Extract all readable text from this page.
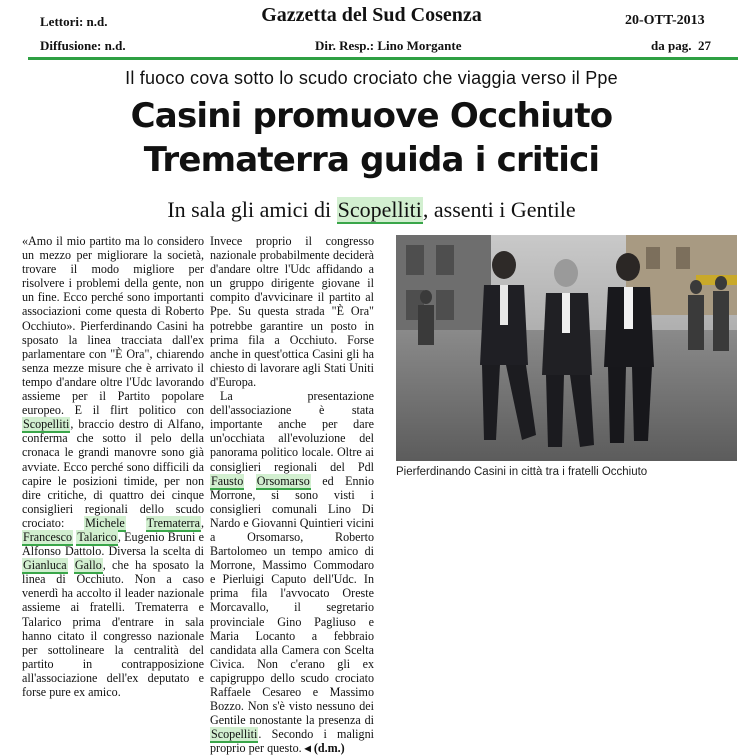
Lettori: n.d.
Diffusione: n.d.
Gazzetta del Sud Cosenza	20-OTT-2013
Dir. Resp.: Lino Morgante	da pag.  27
Il fuoco cova sotto lo scudo crociato che viaggia verso il Ppe
Casini promuove Occhiuto
Trematerra guida i critici
In sala gli amici di Scopelliti, assenti i Gentile

«Amo il mio partito ma lo considero un mezzo per migliorare la società, trovare il modo migliore per risolvere i problemi della gente, non un fine. Ecco perché sono importanti associazioni come questa di Roberto Occhiuto». Pierferdinando Casini ha sposato la linea tracciata dall'ex parlamentare con "È Ora", chiarendo senza mezze misure che è arrivato il tempo d'andare oltre l'Udc lavorando assieme per il Partito popolare europeo. E il flirt politico con Scopelliti, braccio destro di Alfano, conferma che sotto il pelo della cronaca le grandi manovre sono già avviate. Ecco perché sono difficili da capire le posizioni timide, per non dire critiche, di quattro dei cinque consiglieri regionali dello scudo crociato: Michele Trematerra, Francesco Talarico, Eugenio Bruni e Alfonso Dattolo. Diversa la scelta di Gianluca Gallo, che ha sposato la linea di Occhiuto. Non a caso venerdì ha accolto il leader nazionale assieme ai fratelli. Trematerra e Talarico prima d'entrare in sala hanno citato il congresso nazionale per sottolineare la centralità del partito in contrapposizione all'associazione dell'ex deputato e forse pure ex amico.

Invece proprio il congresso nazionale probabilmente deciderà d'andare oltre l'Udc affidando a un gruppo dirigente giovane il compito d'avvicinare il partito al Ppe. Su questa strada "È Ora" potrebbe garantire un posto in prima fila a Occhiuto. Forse anche in quest'ottica Casini gli ha chiesto di lavorare agli Stati Uniti d'Europa.

La presentazione dell'associazione è stata importante anche per dare un'occhiata all'evoluzione del panorama politico locale. Oltre ai consiglieri regionali del Pdl Fausto Orsomarso ed Ennio Morrone, si sono visti i consiglieri comunali Lino Di Nardo e Giovanni Quintieri vicini a Orsomarso, Roberto Bartolomeo un tempo amico di Morrone, Massimo Commodaro e Pierluigi Caputo dell'Udc. In prima fila l'avvocato Oreste Morcavallo, il segretario provinciale Gino Pagliuso e Maria Locanto a febbraio candidata alla Camera con Scelta Civica. Non c'erano gli ex capigruppo dello scudo crociato Raffaele Cesareo e Massimo Bozzo. Non s'è visto nessuno dei Gentile nonostante la presenza di Scopelliti. Secondo i maligni proprio per questo. ◂ (d.m.)

Pierferdinando Casini in città tra i fratelli Occhiuto
